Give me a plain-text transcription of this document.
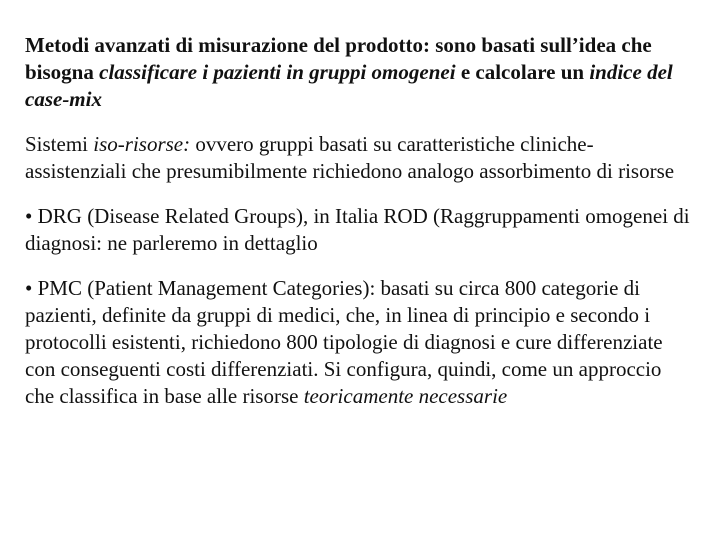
Metodi avanzati di misurazione del prodotto: sono basati sull’idea che bisogna classificare i pazienti in gruppi omogenei e calcolare un indice del case-mix

Sistemi iso-risorse: ovvero gruppi basati su caratteristiche cliniche-assistenziali che presumibilmente richiedono analogo assorbimento di risorse

• DRG (Disease Related Groups), in Italia ROD (Raggruppamenti omogenei di diagnosi: ne parleremo in dettaglio

• PMC (Patient Management Categories): basati su circa 800 categorie di pazienti, definite da gruppi di medici, che, in linea di principio e secondo i protocolli esistenti, richiedono 800 tipologie di diagnosi e cure differenziate con conseguenti costi differenziati. Si configura, quindi, come un approccio che classifica in base alle risorse teoricamente necessarie
